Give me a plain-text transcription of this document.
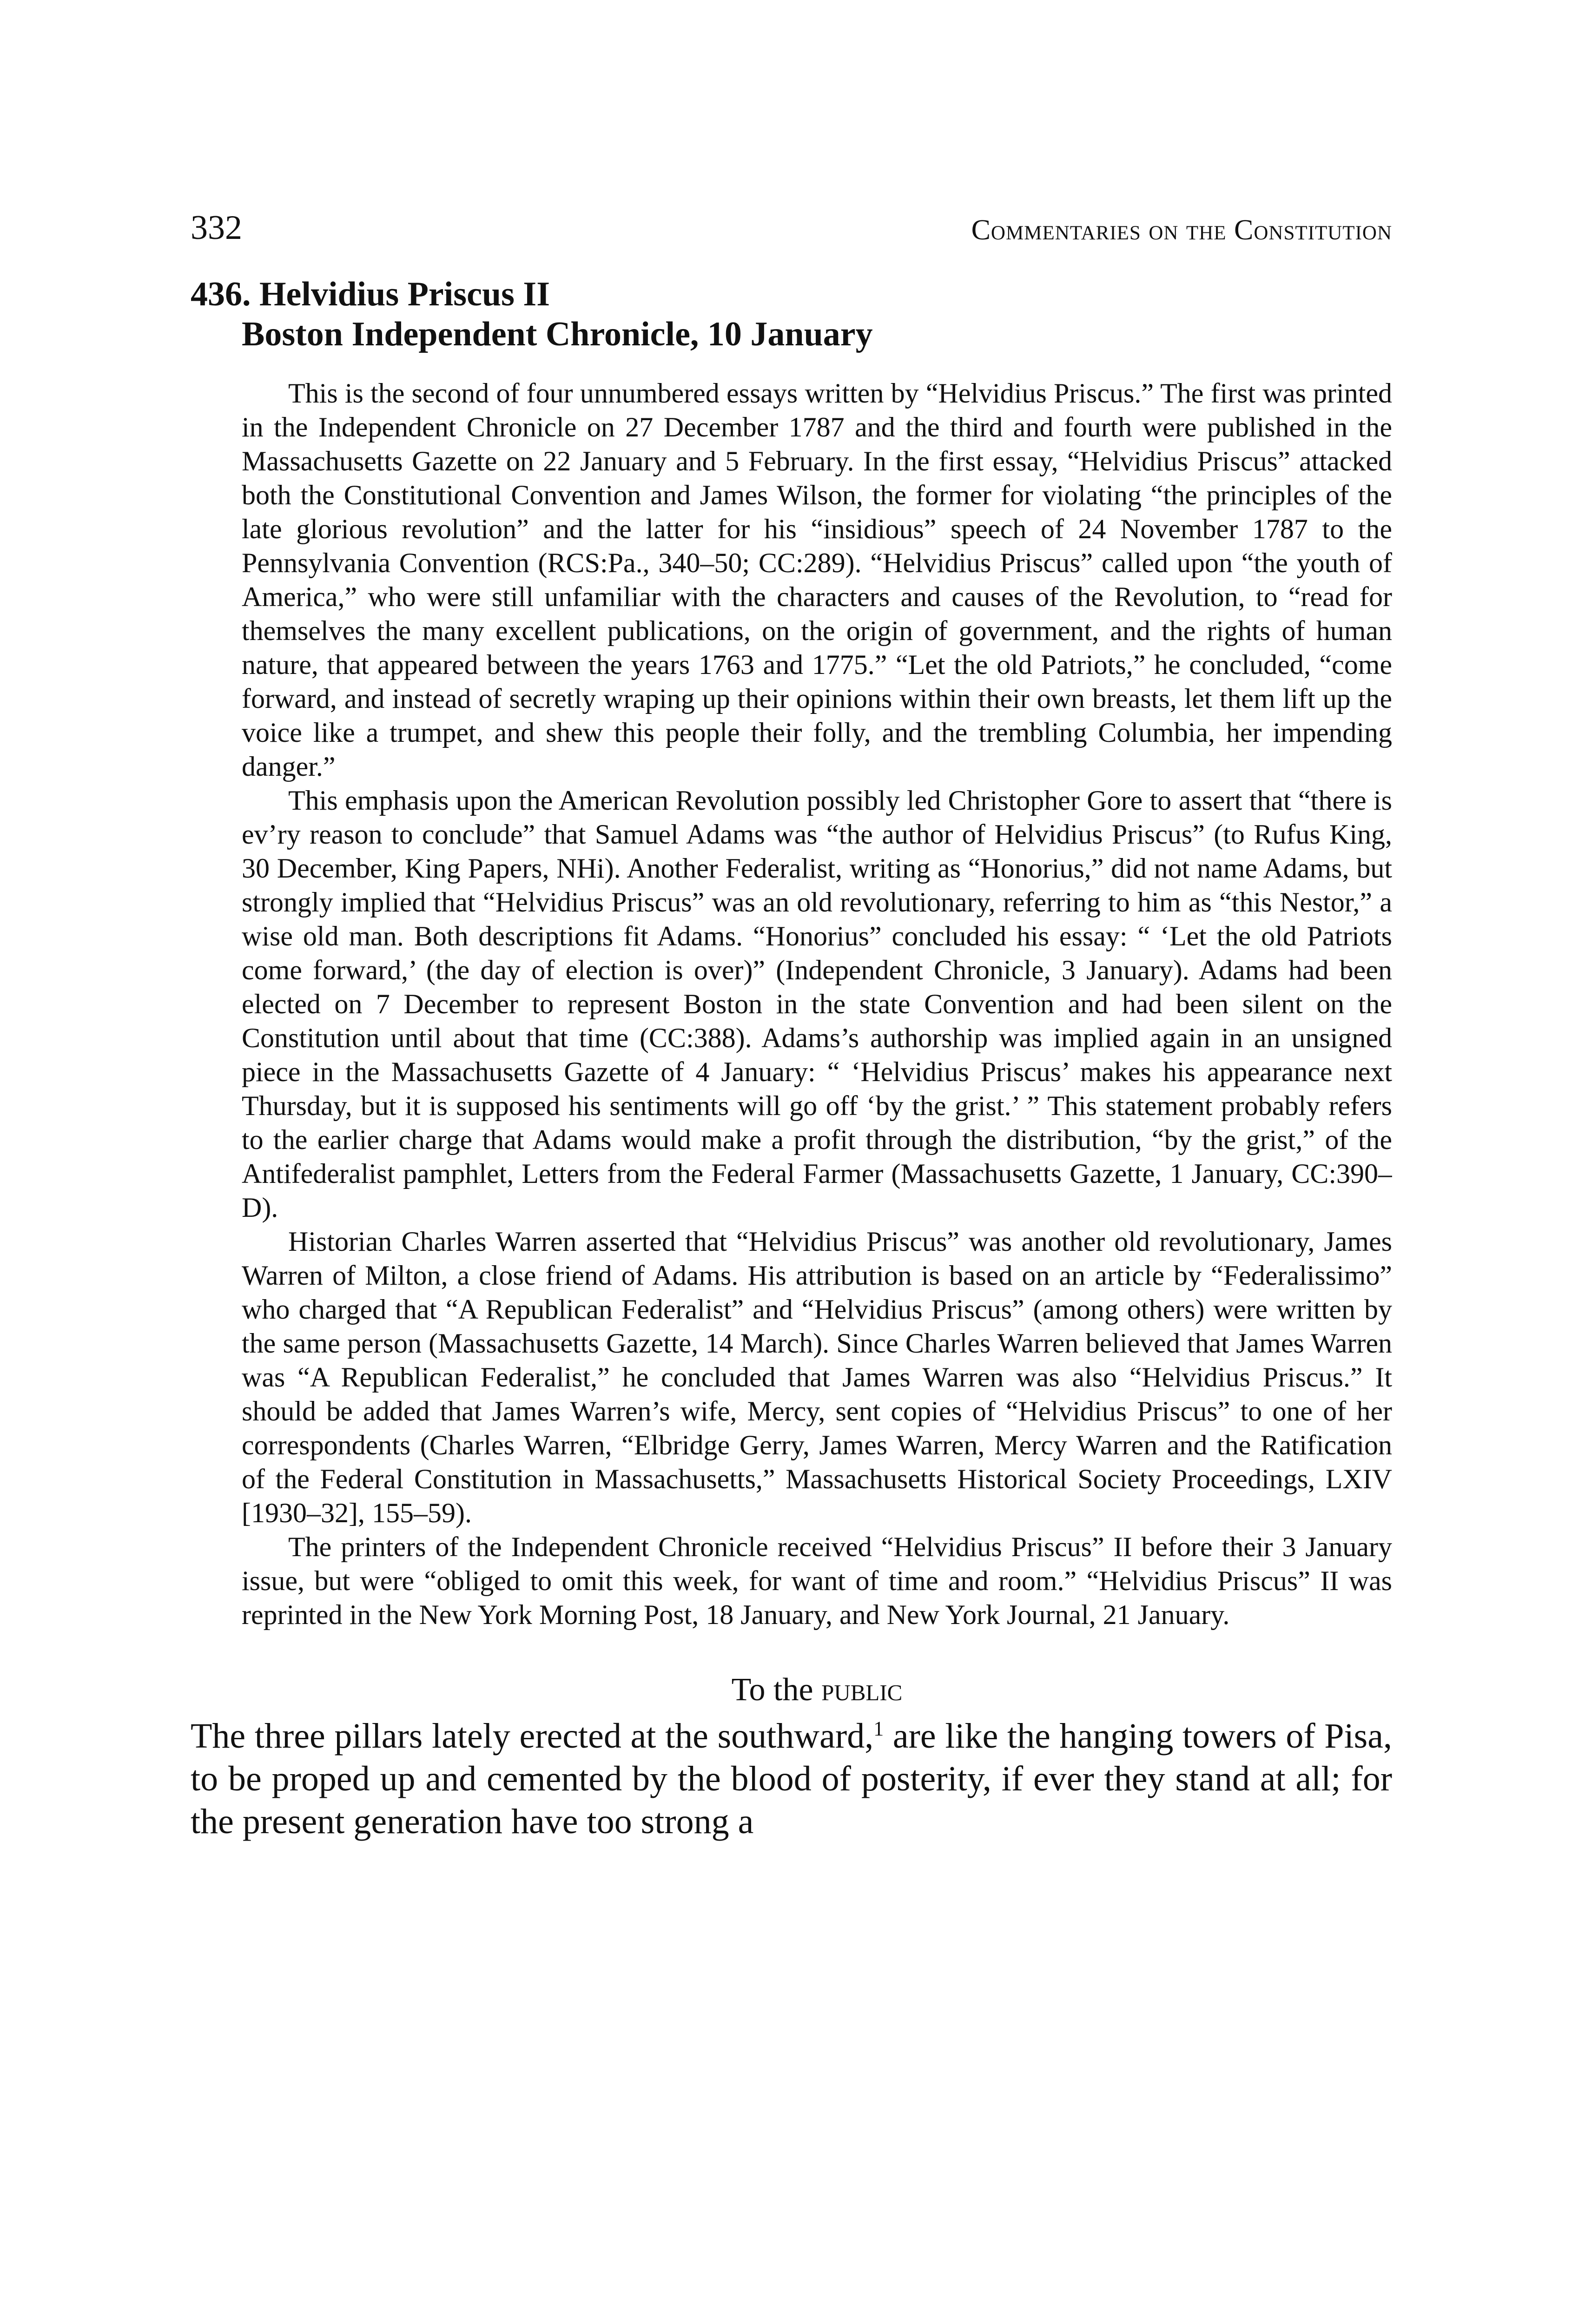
332	Commentaries on the Constitution
436. Helvidius Priscus II
Boston Independent Chronicle, 10 January

This is the second of four unnumbered essays written by “Helvidius Priscus.” The first was printed in the Independent Chronicle on 27 December 1787 and the third and fourth were published in the Massachusetts Gazette on 22 January and 5 February. In the first essay, “Helvidius Priscus” attacked both the Constitutional Convention and James Wilson, the former for violating “the principles of the late glorious revolution” and the latter for his “insidious” speech of 24 November 1787 to the Pennsylvania Convention (RCS:Pa., 340–50; CC:289). “Helvidius Priscus” called upon “the youth of America,” who were still unfamiliar with the characters and causes of the Revolution, to “read for themselves the many excellent publications, on the origin of government, and the rights of human nature, that appeared between the years 1763 and 1775.” “Let the old Patriots,” he concluded, “come forward, and instead of secretly wraping up their opinions within their own breasts, let them lift up the voice like a trumpet, and shew this people their folly, and the trembling Columbia, her impending danger.”

This emphasis upon the American Revolution possibly led Christopher Gore to assert that “there is ev’ry reason to conclude” that Samuel Adams was “the author of Helvidius Priscus” (to Rufus King, 30 December, King Papers, NHi). Another Federalist, writing as “Honorius,” did not name Adams, but strongly implied that “Helvidius Priscus” was an old revolutionary, referring to him as “this Nestor,” a wise old man. Both descriptions fit Adams. “Honorius” concluded his essay: “ ‘Let the old Patriots come forward,’ (the day of election is over)” (Independent Chronicle, 3 January). Adams had been elected on 7 December to represent Boston in the state Convention and had been silent on the Constitution until about that time (CC:388). Adams’s authorship was implied again in an unsigned piece in the Massachusetts Gazette of 4 January: “ ‘Helvidius Priscus’ makes his appearance next Thursday, but it is supposed his sentiments will go off ‘by the grist.’ ” This statement probably refers to the earlier charge that Adams would make a profit through the distribution, “by the grist,” of the Antifederalist pamphlet, Letters from the Federal Farmer (Massachusetts Gazette, 1 January, CC:390–D).

Historian Charles Warren asserted that “Helvidius Priscus” was another old revolutionary, James Warren of Milton, a close friend of Adams. His attribution is based on an article by “Federalissimo” who charged that “A Republican Federalist” and “Helvidius Priscus” (among others) were written by the same person (Massachusetts Gazette, 14 March). Since Charles Warren believed that James Warren was “A Republican Federalist,” he concluded that James Warren was also “Helvidius Priscus.” It should be added that James Warren’s wife, Mercy, sent copies of “Helvidius Priscus” to one of her correspondents (Charles Warren, “Elbridge Gerry, James Warren, Mercy Warren and the Ratification of the Federal Constitution in Massachusetts,” Massachusetts Historical Society Proceedings, LXIV [1930–32], 155–59).

The printers of the Independent Chronicle received “Helvidius Priscus” II before their 3 January issue, but were “obliged to omit this week, for want of time and room.” “Helvidius Priscus” II was reprinted in the New York Morning Post, 18 January, and New York Journal, 21 January.

To the public
The three pillars lately erected at the southward,$^1$ are like the hanging towers of Pisa, to be proped up and cemented by the blood of posterity, if ever they stand at all; for the present generation have too strong a
